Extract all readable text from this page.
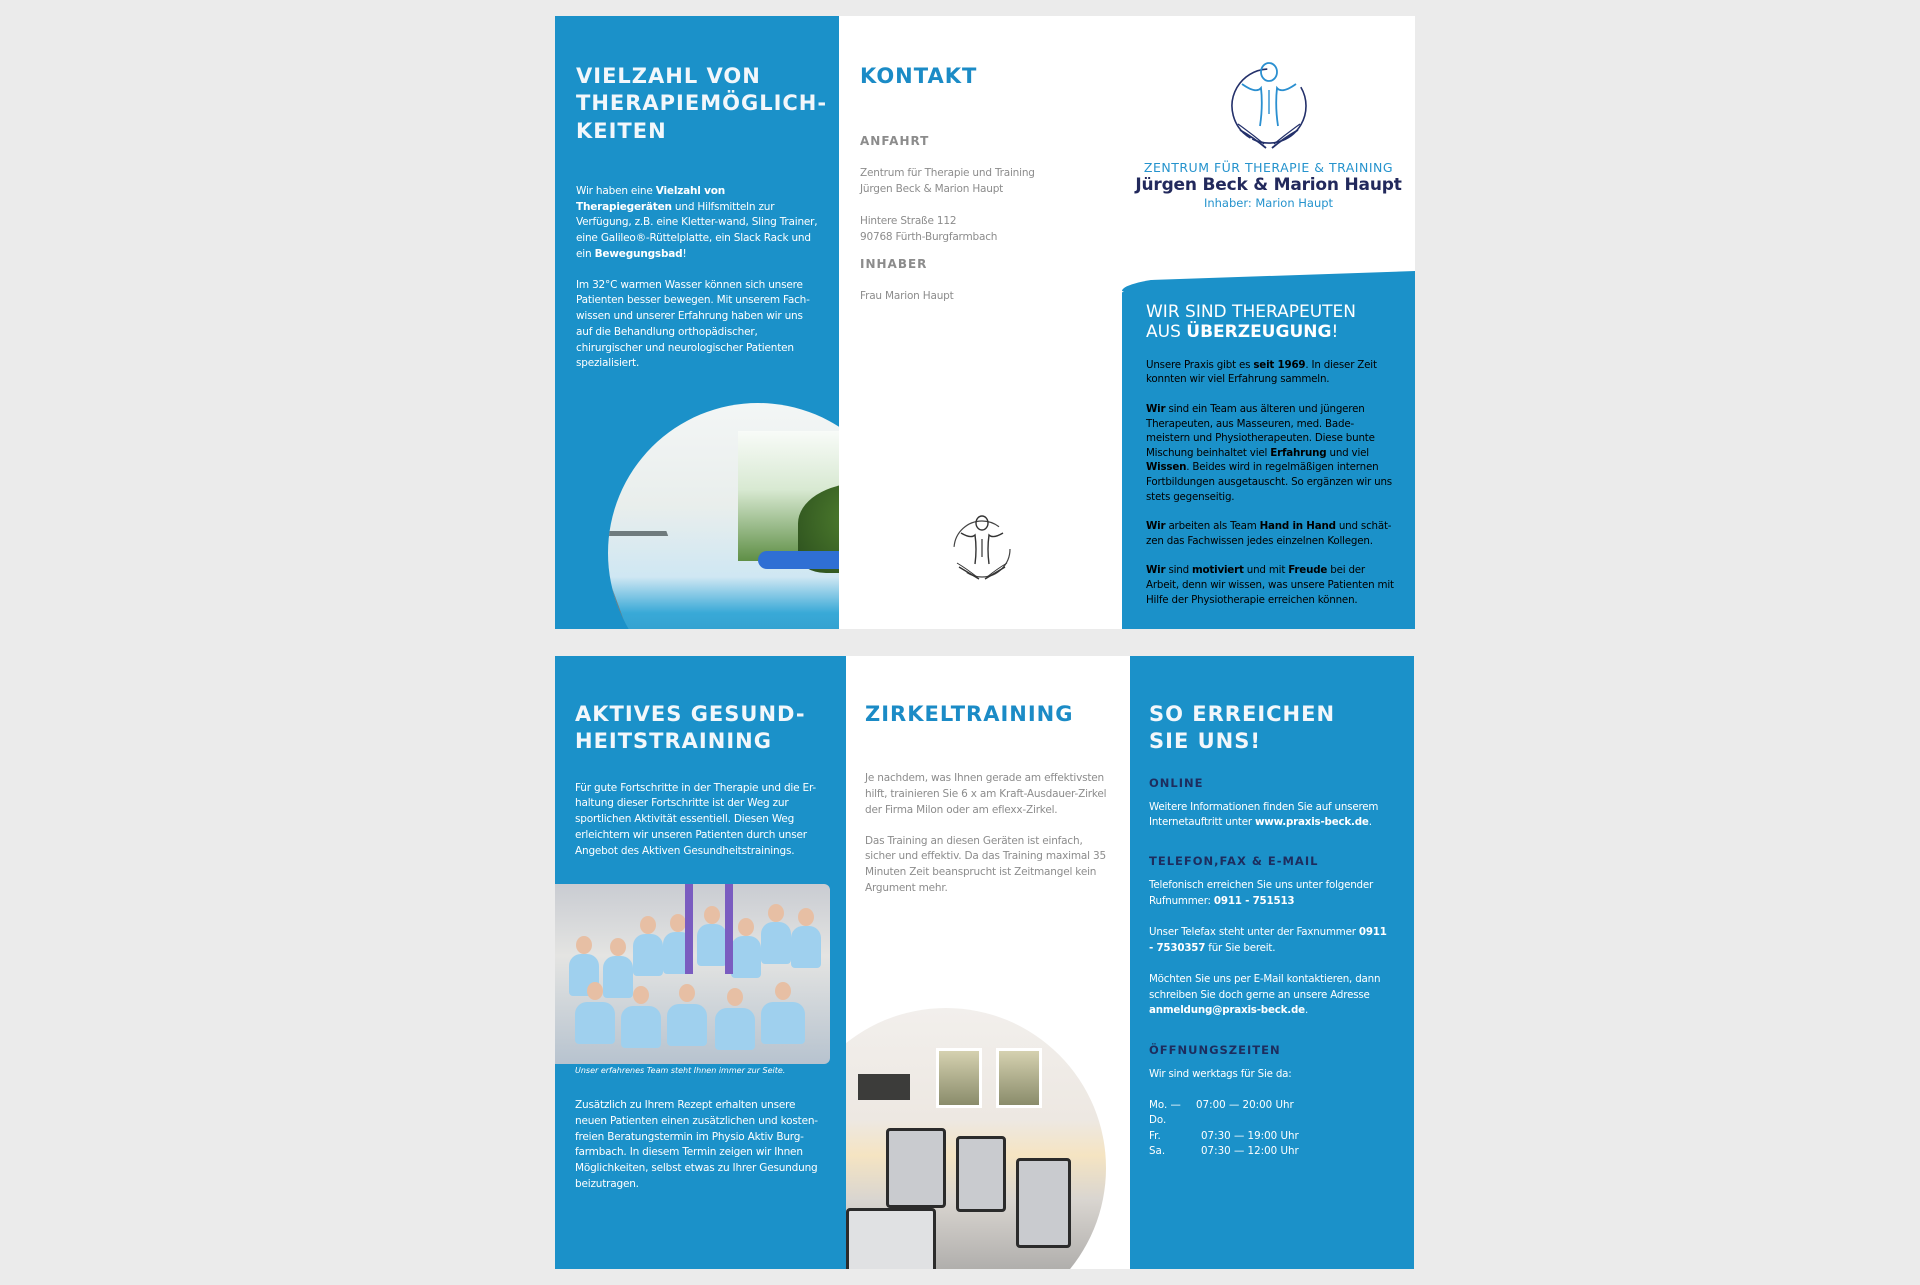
VIELZAHL VON
THERAPIEMÖGLICH-
KEITEN

Wir haben eine Vielzahl von Therapiegeräten und Hilfsmitteln zur Verfügung, z.B. eine Kletter-wand, Sling Trainer, eine Galileo®-Rüttelplatte, ein Slack Rack und ein Bewegungsbad!

Im 32°C warmen Wasser können sich unsere Patienten besser bewegen. Mit unserem Fach-wissen und unserer Erfahrung haben wir uns auf die Behandlung orthopädischer, chirurgischer und neurologischer Patienten spezialisiert.

KONTAKT
ANFAHRT

Zentrum für Therapie und Training
Jürgen Beck & Marion Haupt

Hintere Straße 112
90768 Fürth-Burgfarmbach

INHABER

Frau Marion Haupt

ZENTRUM FÜR THERAPIE & TRAINING
Jürgen Beck & Marion Haupt
Inhaber: Marion Haupt
WIR SIND THERAPEUTEN
AUS ÜBERZEUGUNG!

Unsere Praxis gibt es seit 1969. In dieser Zeit konnten wir viel Erfahrung sammeln.

Wir sind ein Team aus älteren und jüngeren Therapeuten, aus Masseuren, med. Bade-meistern und Physiotherapeuten. Diese bunte Mischung beinhaltet viel Erfahrung und viel Wissen. Beides wird in regelmäßigen internen Fortbildungen ausgetauscht. So ergänzen wir uns stets gegenseitig.

Wir arbeiten als Team Hand in Hand und schät-zen das Fachwissen jedes einzelnen Kollegen.

Wir sind motiviert und mit Freude bei der Arbeit, denn wir wissen, was unsere Patienten mit Hilfe der Physiotherapie erreichen können.

AKTIVES GESUND-
HEITSTRAINING

Für gute Fortschritte in der Therapie und die Er-haltung dieser Fortschritte ist der Weg zur sportlichen Aktivität essentiell. Diesen Weg erleichtern wir unseren Patienten durch unser Angebot des Aktiven Gesundheitstrainings.

Unser erfahrenes Team steht Ihnen immer zur Seite.

Zusätzlich zu Ihrem Rezept erhalten unsere neuen Patienten einen zusätzlichen und kosten-freien Beratungstermin im Physio Aktiv Burg-farmbach. In diesem Termin zeigen wir Ihnen Möglichkeiten, selbst etwas zu Ihrer Gesundung beizutragen.

ZIRKELTRAINING

Je nachdem, was Ihnen gerade am effektivsten hilft, trainieren Sie 6 x am Kraft-Ausdauer-Zirkel der Firma Milon oder am eflexx-Zirkel.

Das Training an diesen Geräten ist einfach, sicher und effektiv. Da das Training maximal 35 Minuten Zeit beansprucht ist Zeitmangel kein Argument mehr.

SO ERREICHEN
SIE UNS!
ONLINE

Weitere Informationen finden Sie auf unserem Internetauftritt unter www.praxis-beck.de.

TELEFON,FAX & E-MAIL

Telefonisch erreichen Sie uns unter folgender Rufnummer: 0911 - 751513

Unser Telefax steht unter der Faxnummer 0911 - 7530357 für Sie bereit.

Möchten Sie uns per E-Mail kontaktieren, dann schreiben Sie doch gerne an unsere Adresse anmeldung@praxis-beck.de.

ÖFFNUNGSZEITEN

Wir sind werktags für Sie da:

Mo. — Do.
07:00 — 20:00 Uhr
Fr.	07:30 — 19:00 Uhr
Sa.	07:30 — 12:00 Uhr
